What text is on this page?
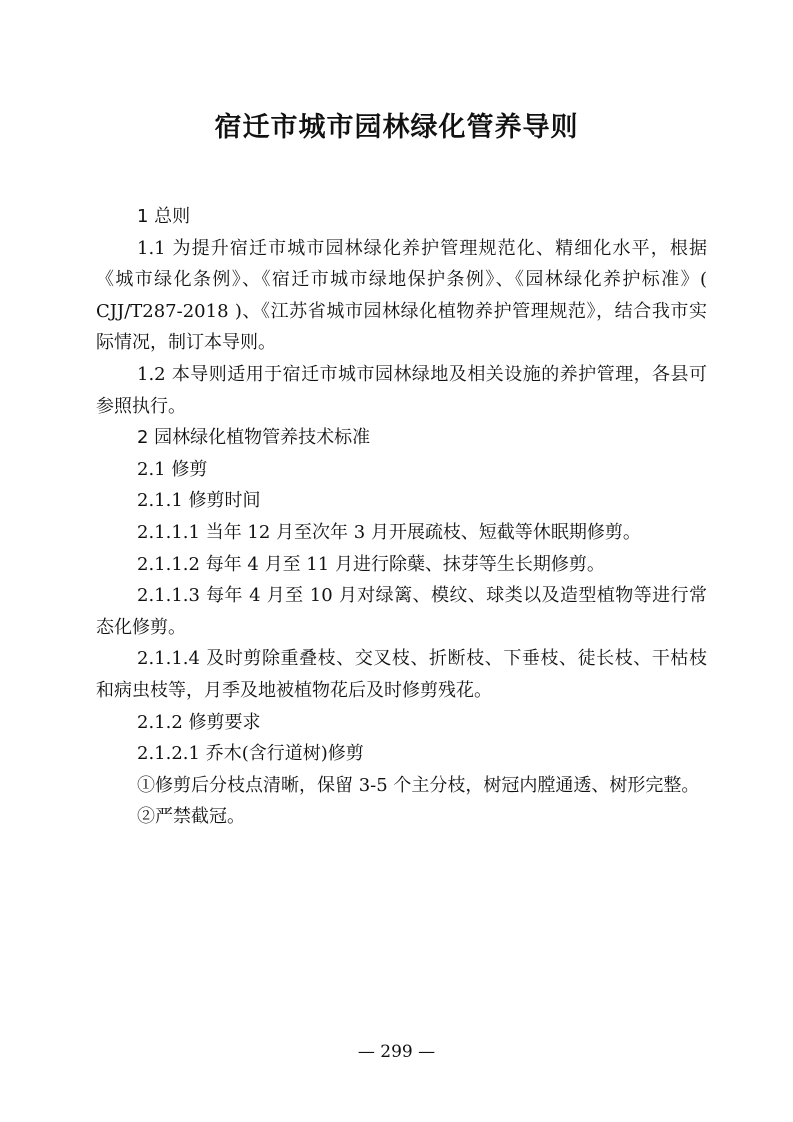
宿迁市城市园林绿化管养导则

1 总则

1.1 为提升宿迁市城市园林绿化养护管理规范化、精细化水平，根据《城市绿化条例》、《宿迁市城市绿地保护条例》、《园林绿化养护标准》( CJJ/T287-2018 )、《江苏省城市园林绿化植物养护管理规范》，结合我市实际情况，制订本导则。

1.2 本导则适用于宿迁市城市园林绿地及相关设施的养护管理，各县可参照执行。

2 园林绿化植物管养技术标准

2.1 修剪

2.1.1 修剪时间

2.1.1.1 当年 12 月至次年 3 月开展疏枝、短截等休眠期修剪。

2.1.1.2 每年 4 月至 11 月进行除蘖、抹芽等生长期修剪。

2.1.1.3 每年 4 月至 10 月对绿篱、模纹、球类以及造型植物等进行常态化修剪。

2.1.1.4 及时剪除重叠枝、交叉枝、折断枝、下垂枝、徒长枝、干枯枝和病虫枝等，月季及地被植物花后及时修剪残花。

2.1.2 修剪要求

2.1.2.1 乔木(含行道树)修剪

①修剪后分枝点清晰，保留 3-5 个主分枝，树冠内膛通透、树形完整。

②严禁截冠。

— 299 —
